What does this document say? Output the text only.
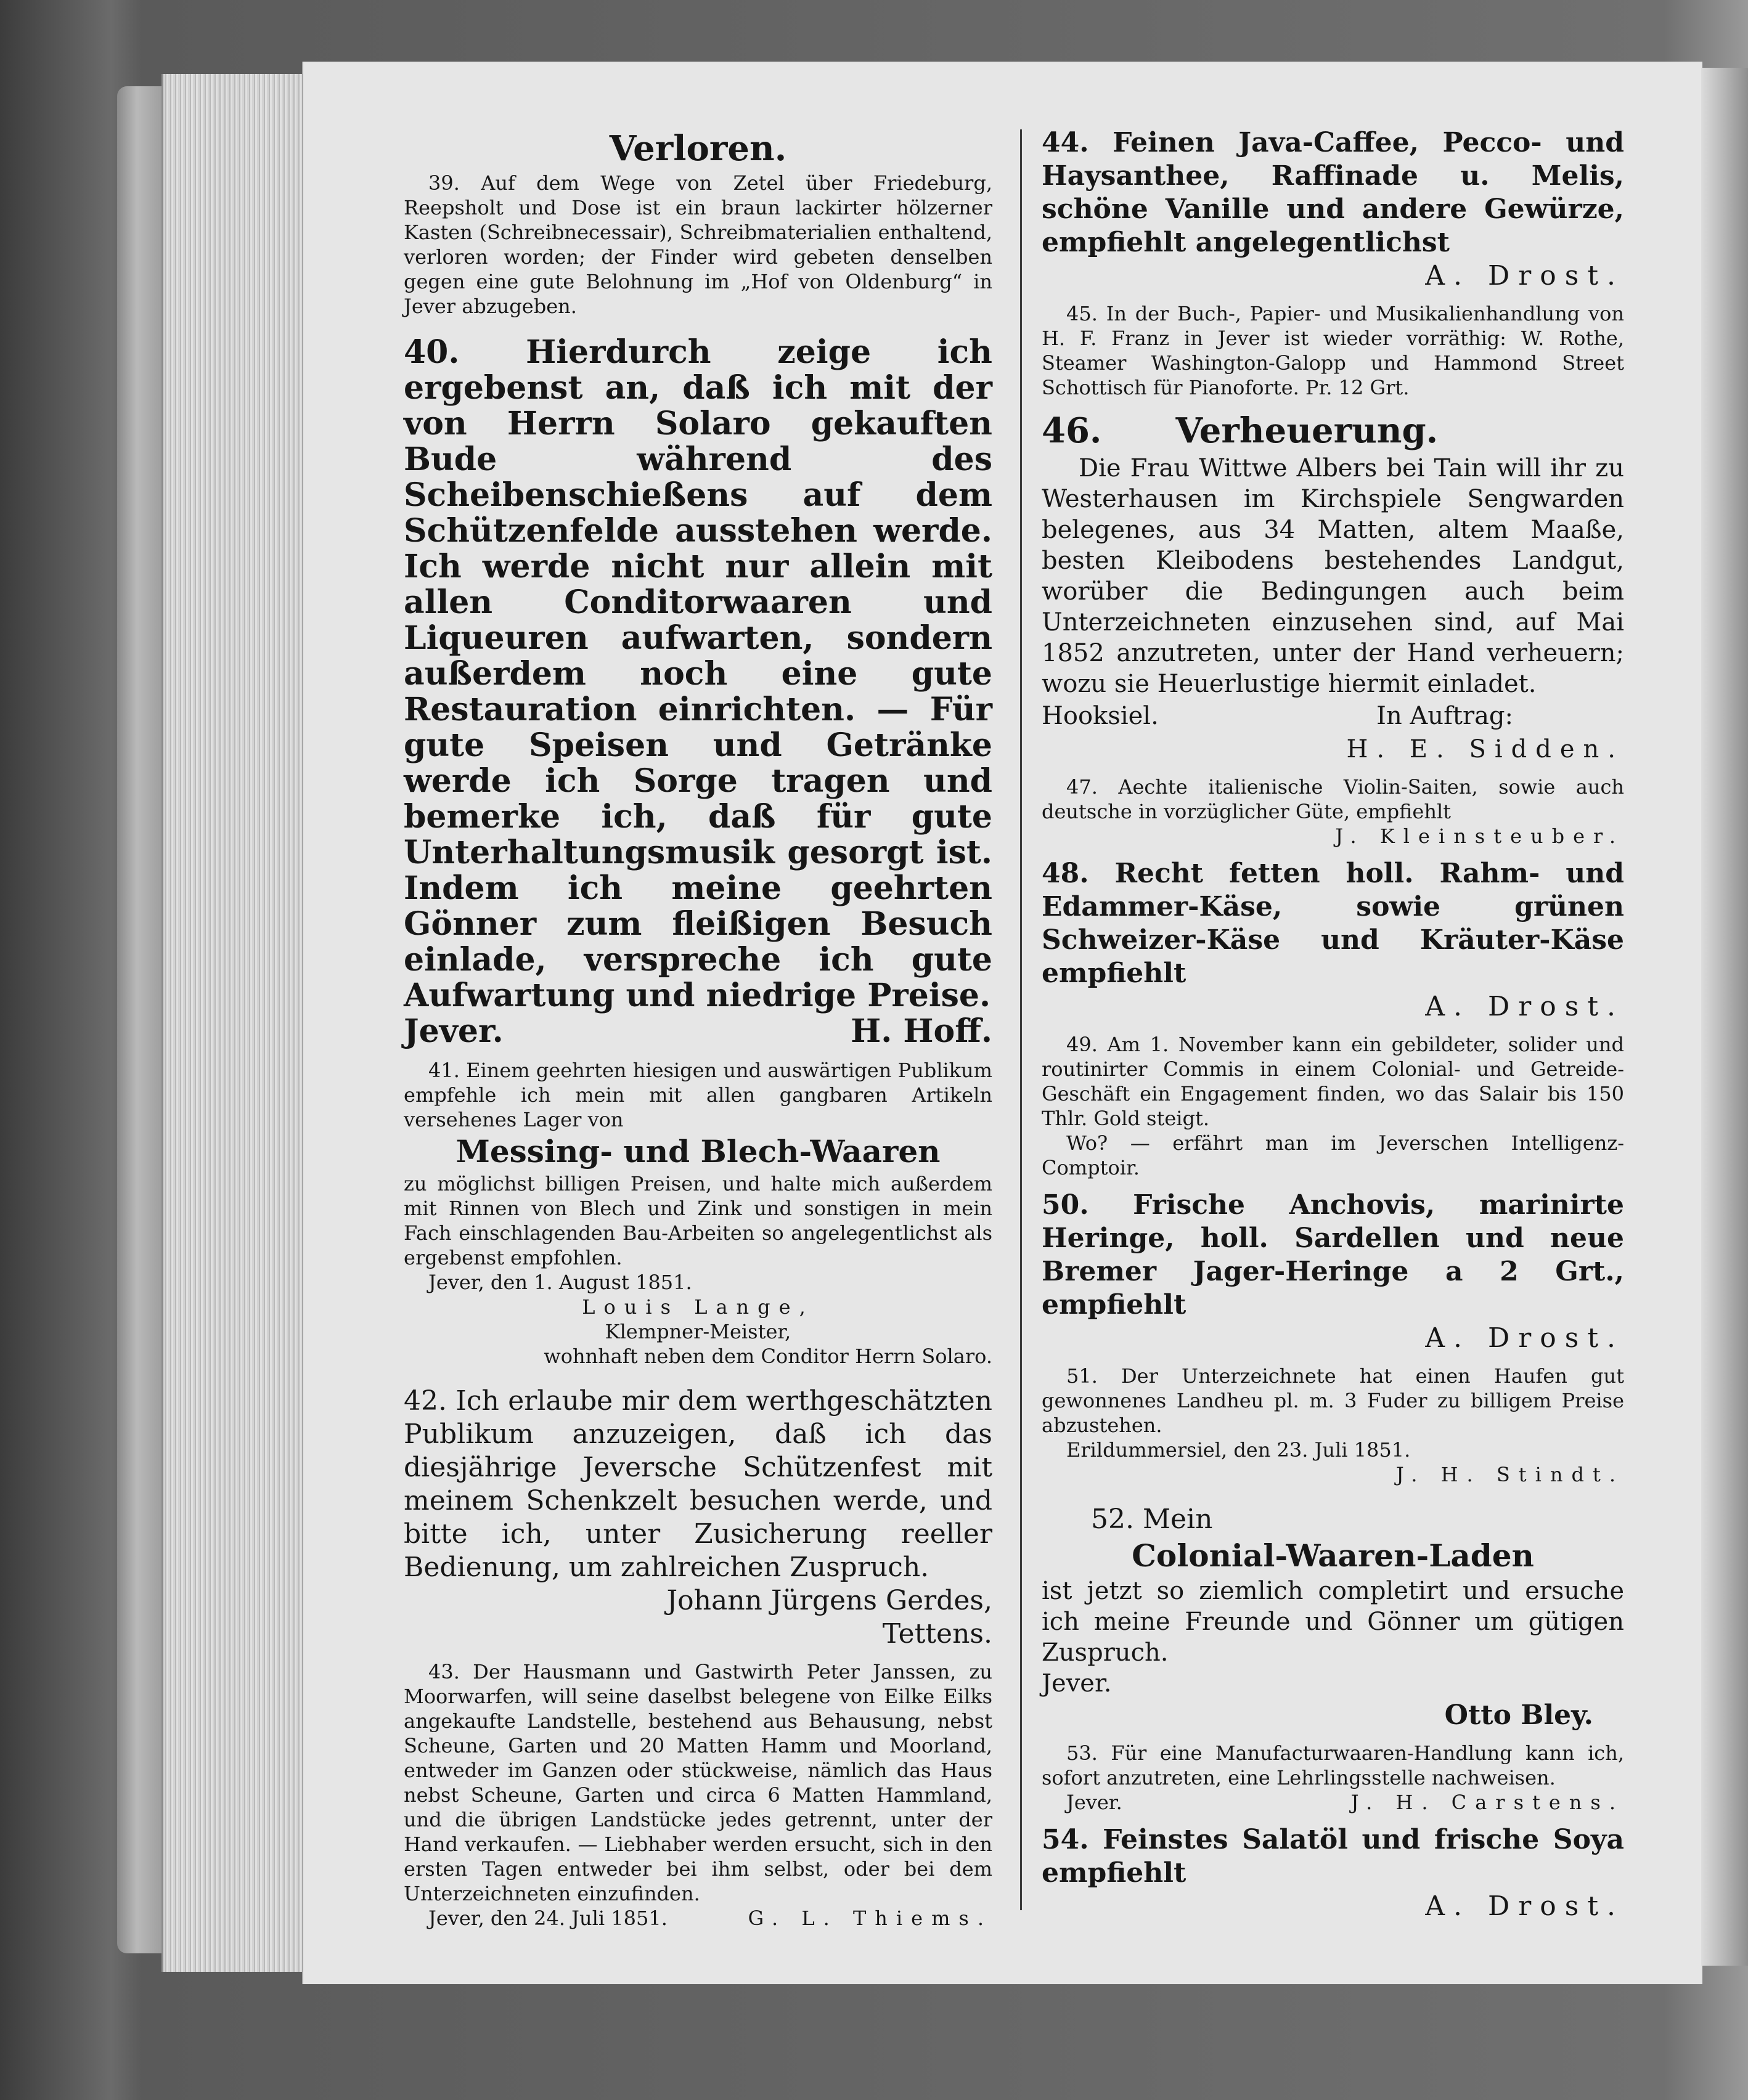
Verloren.

39. Auf dem Wege von Zetel über Friedeburg, Reepsholt und Dose ist ein braun lackirter hölzerner Kasten (Schreibnecessair), Schreibmaterialien enthaltend, verloren worden; der Finder wird gebeten denselben gegen eine gute Belohnung im „Hof von Oldenburg“ in Jever abzugeben.

40. Hierdurch zeige ich ergebenst an, daß ich mit der von Herrn Solaro gekauften Bude während des Scheibenschießens auf dem Schützenfelde ausstehen werde. Ich werde nicht nur allein mit allen Conditorwaaren und Liqueuren aufwarten, sondern außerdem noch eine gute Restauration einrichten. — Für gute Speisen und Getränke werde ich Sorge tragen und bemerke ich, daß für gute Unterhaltungsmusik gesorgt ist. Indem ich meine geehrten Gönner zum fleißigen Besuch einlade, verspreche ich gute Aufwartung und niedrige Preise.

Jever.	H. Hoff.

41. Einem geehrten hiesigen und auswärtigen Publikum empfehle ich mein mit allen gangbaren Artikeln versehenes Lager von

Messing- und Blech-Waaren

zu möglichst billigen Preisen, und halte mich außerdem mit Rinnen von Blech und Zink und sonstigen in mein Fach einschlagenden Bau-Arbeiten so angelegentlichst als ergebenst empfohlen.

Jever, den 1. August 1851.

Louis Lange,

Klempner-Meister,

wohnhaft neben dem Conditor Herrn Solaro.

42. Ich erlaube mir dem werthgeschätzten Publikum anzuzeigen, daß ich das diesjährige Jeversche Schützenfest mit meinem Schenkzelt besuchen werde, und bitte ich, unter Zusicherung reeller Bedienung, um zahlreichen Zuspruch.

Johann Jürgens Gerdes,

Tettens.

43. Der Hausmann und Gastwirth Peter Janssen, zu Moorwarfen, will seine daselbst belegene von Eilke Eilks angekaufte Landstelle, bestehend aus Behausung, nebst Scheune, Garten und 20 Matten Hamm und Moorland, entweder im Ganzen oder stückweise, nämlich das Haus nebst Scheune, Garten und circa 6 Matten Hammland, und die übrigen Landstücke jedes getrennt, unter der Hand verkaufen. — Liebhaber werden ersucht, sich in den ersten Tagen entweder bei ihm selbst, oder bei dem Unterzeichneten einzufinden.

Jever, den 24. Juli 1851.	G. L. Thiems.

44. Feinen Java-Caffee, Pecco- und Haysanthee, Raffinade u. Melis, schöne Vanille und andere Gewürze, empfiehlt angelegentlichst

A. Drost.

45. In der Buch-, Papier- und Musikalienhandlung von H. F. Franz in Jever ist wieder vorräthig: W. Rothe, Steamer Washington-Galopp und Hammond Street Schottisch für Pianoforte. Pr. 12 Grt.

46. Verheuerung.

Die Frau Wittwe Albers bei Tain will ihr zu Westerhausen im Kirchspiele Sengwarden belegenes, aus 34 Matten, altem Maaße, besten Kleibodens bestehendes Landgut, worüber die Bedingungen auch beim Unterzeichneten einzusehen sind, auf Mai 1852 anzutreten, unter der Hand verheuern; wozu sie Heuerlustige hiermit einladet.

Hooksiel.	In Auftrag:

H. E. Sidden.

47. Aechte italienische Violin-Saiten, sowie auch deutsche in vorzüglicher Güte, empfiehlt

J. Kleinsteuber.

48. Recht fetten holl. Rahm- und Edammer-Käse, sowie grünen Schweizer-Käse und Kräuter-Käse empfiehlt

A. Drost.

49. Am 1. November kann ein gebildeter, solider und routinirter Commis in einem Colonial- und Getreide-Geschäft ein Engagement finden, wo das Salair bis 150 Thlr. Gold steigt.

Wo? — erfährt man im Jeverschen Intelligenz-Comptoir.

50. Frische Anchovis, marinirte Heringe, holl. Sardellen und neue Bremer Jager-Heringe a 2 Grt., empfiehlt

A. Drost.

51. Der Unterzeichnete hat einen Haufen gut gewonnenes Landheu pl. m. 3 Fuder zu billigem Preise abzustehen.

Erildummersiel, den 23. Juli 1851.

J. H. Stindt.

52. Mein

Colonial-Waaren-Laden

ist jetzt so ziemlich completirt und ersuche ich meine Freunde und Gönner um gütigen Zuspruch.

Jever.

Otto Bley.

53. Für eine Manufacturwaaren-Handlung kann ich, sofort anzutreten, eine Lehrlingsstelle nachweisen.

Jever.	J. H. Carstens.

54. Feinstes Salatöl und frische Soya empfiehlt

A. Drost.
